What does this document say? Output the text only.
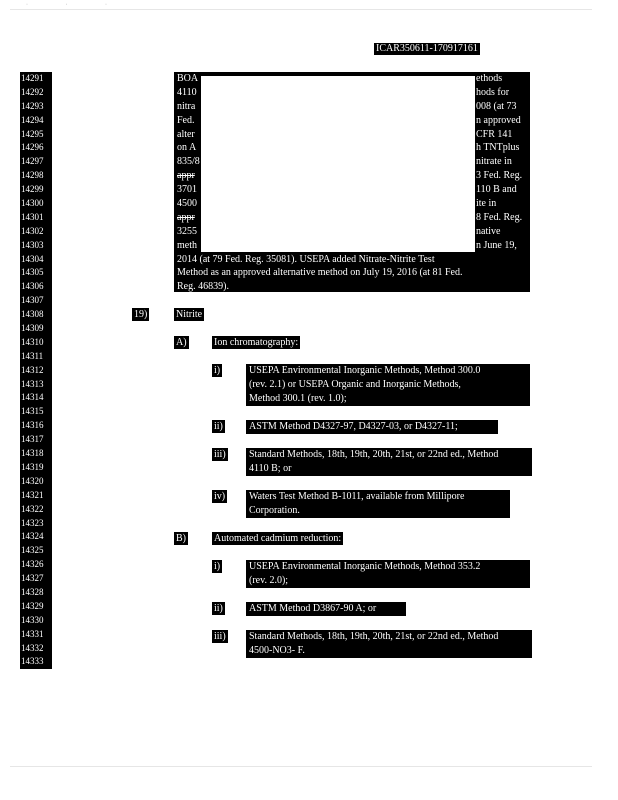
· · ·
ICAR350611-170917161
14291
14292
14293
14294
14295
14296
14297
14298
14299
14300
14301
14302
14303
14304
14305
14306
14307
14308
14309
14310
14311
14312
14313
14314
14315
14316
14317
14318
14319
14320
14321
14322
14323
14324
14325
14326
14327
14328
14329
14330
14331
14332
14333
BOA
4110
nitra
Fed.
alter
on A
835/8
appr
3701
4500
appr
3255
meth
2014 (at 79 Fed. Reg. 35081). USEPA added Nitrate-Nitrite Test
Method as an approved alternative method on July 19, 2016 (at 81 Fed.
Reg. 46839).
ethods
hods for
008 (at 73
n approved
CFR 141
h TNTplus
nitrate in
3 Fed. Reg.
110 B and
ite in
8 Fed. Reg.
native
n June 19,
19)	Nitrite
A)	Ion chromatography:
i)	USEPA Environmental Inorganic Methods, Method 300.0
(rev. 2.1) or USEPA Organic and Inorganic Methods,
Method 300.1 (rev. 1.0);
ii)	ASTM Method D4327-97, D4327-03, or D4327-11;
iii) Standard Methods, 18th, 19th, 20th, 21st, or 22nd ed., Method
4110 B; or
iv) Waters Test Method B-1011, available from Millipore
Corporation.
B)	Automated cadmium reduction:
i)	USEPA Environmental Inorganic Methods, Method 353.2
(rev. 2.0);
ii)	ASTM Method D3867-90 A; or
iii) Standard Methods, 18th, 19th, 20th, 21st, or 22nd ed., Method
4500-NO3- F.
